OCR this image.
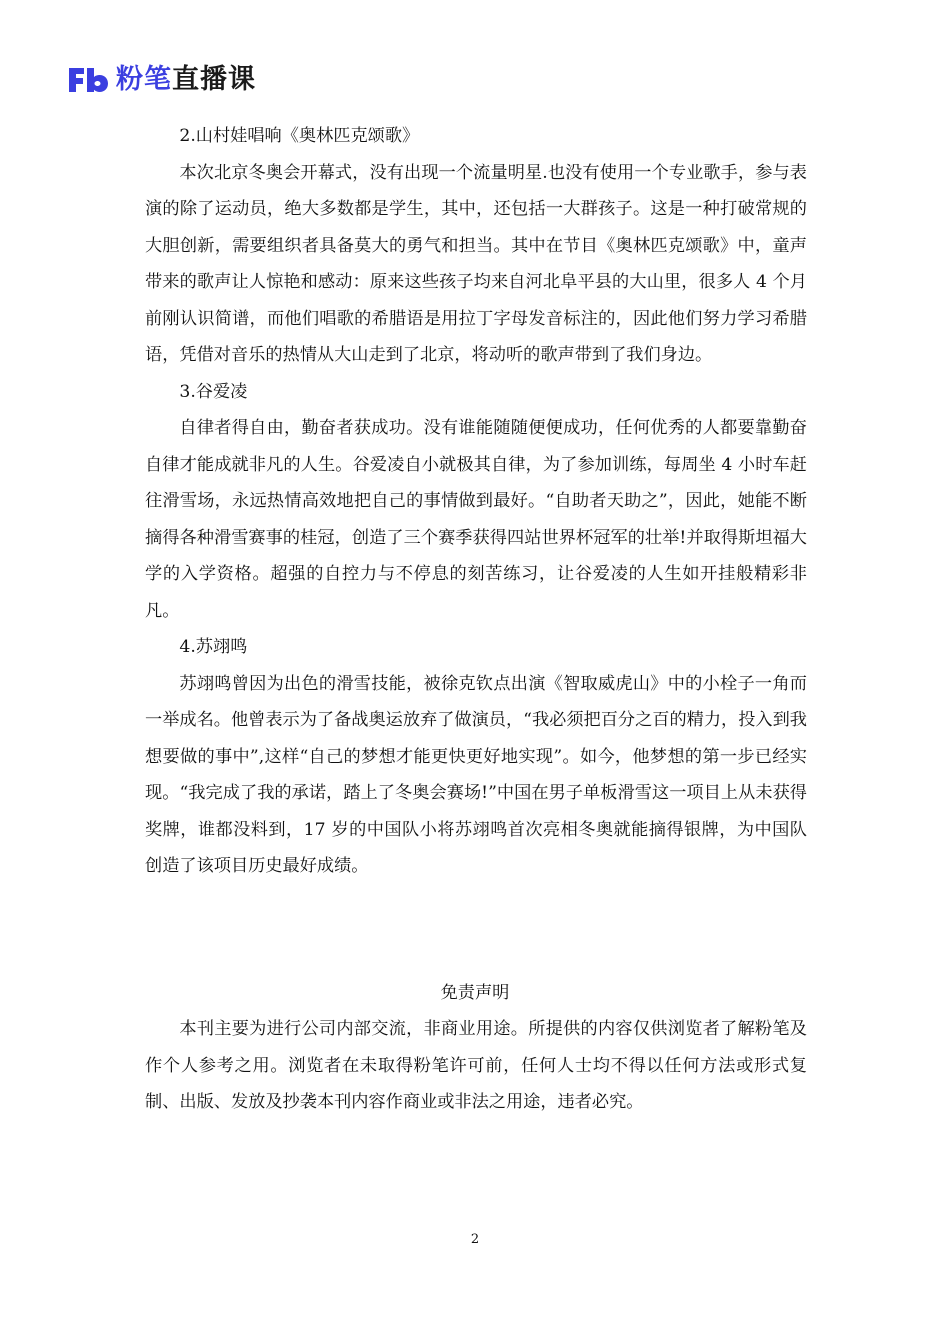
粉笔直播课

2.山村娃唱响《奥林匹克颂歌》

本次北京冬奥会开幕式，没有出现一个流量明星.也没有使用一个专业歌手，参与表演的除了运动员，绝大多数都是学生，其中，还包括一大群孩子。这是一种打破常规的大胆创新，需要组织者具备莫大的勇气和担当。其中在节目《奥林匹克颂歌》中，童声带来的歌声让人惊艳和感动：原来这些孩子均来自河北阜平县的大山里，很多人 4 个月前刚认识简谱，而他们唱歌的希腊语是用拉丁字母发音标注的，因此他们努力学习希腊语，凭借对音乐的热情从大山走到了北京，将动听的歌声带到了我们身边。

3.谷爱凌

自律者得自由，勤奋者获成功。没有谁能随随便便成功，任何优秀的人都要靠勤奋自律才能成就非凡的人生。谷爱凌自小就极其自律，为了参加训练，每周坐 4 小时车赶往滑雪场，永远热情高效地把自己的事情做到最好。“自助者天助之”，因此，她能不断摘得各种滑雪赛事的桂冠，创造了三个赛季获得四站世界杯冠军的壮举!并取得斯坦福大学的入学资格。超强的自控力与不停息的刻苦练习，让谷爱凌的人生如开挂般精彩非凡。

4.苏翊鸣

苏翊鸣曾因为出色的滑雪技能，被徐克钦点出演《智取威虎山》中的小栓子一角而一举成名。他曾表示为了备战奥运放弃了做演员，“我必须把百分之百的精力，投入到我想要做的事中”,这样“自己的梦想才能更快更好地实现”。如今，他梦想的第一步已经实现。“我完成了我的承诺，踏上了冬奥会赛场!”中国在男子单板滑雪这一项目上从未获得奖牌，谁都没料到，17 岁的中国队小将苏翊鸣首次亮相冬奥就能摘得银牌，为中国队创造了该项目历史最好成绩。

免责声明

本刊主要为进行公司内部交流，非商业用途。所提供的内容仅供浏览者了解粉笔及作个人参考之用。浏览者在未取得粉笔许可前，任何人士均不得以任何方法或形式复制、出版、发放及抄袭本刊内容作商业或非法之用途，违者必究。

2
